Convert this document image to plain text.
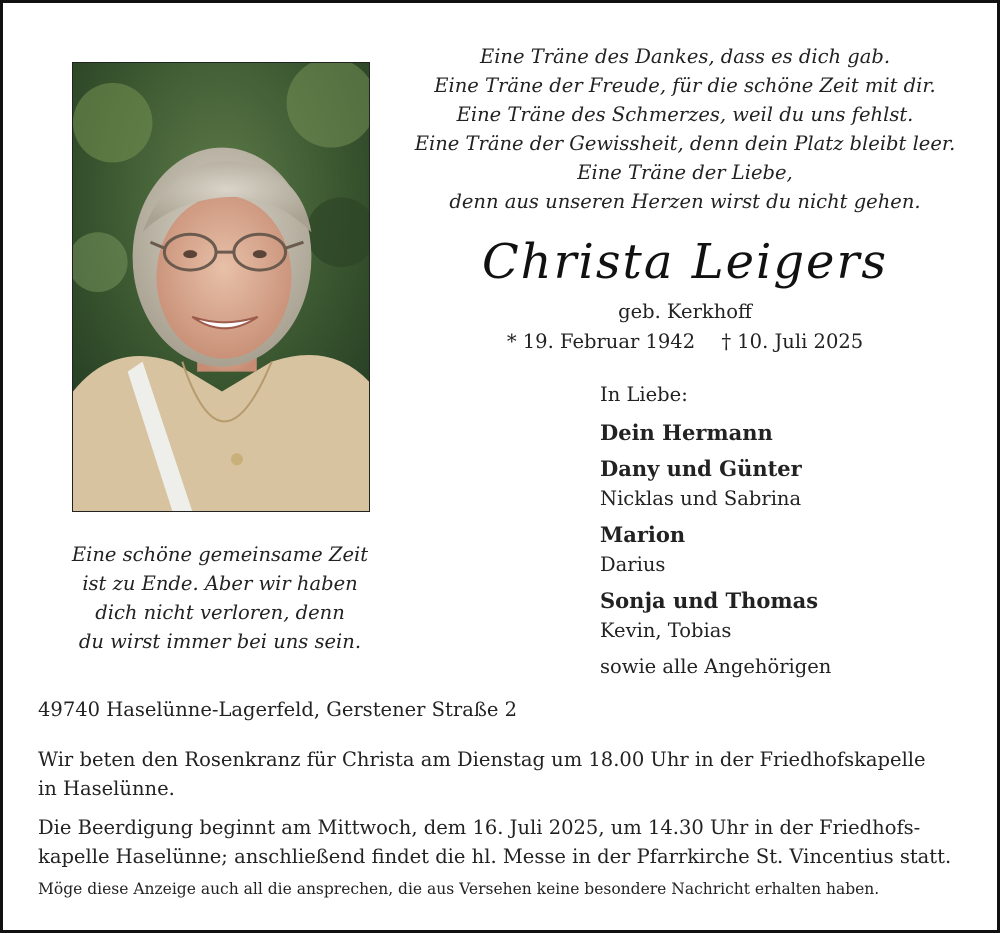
Eine schöne gemeinsame Zeit
ist zu Ende. Aber wir haben
dich nicht verloren, denn
du wirst immer bei uns sein.
Eine Träne des Dankes, dass es dich gab.
Eine Träne der Freude, für die schöne Zeit mit dir.
Eine Träne des Schmerzes, weil du uns fehlst.
Eine Träne der Gewissheit, denn dein Platz bleibt leer.
Eine Träne der Liebe,
denn aus unseren Herzen wirst du nicht gehen.
Christa Leigers
geb. Kerkhoff
* 19. Februar 1942 † 10. Juli 2025
In Liebe:
Dein Hermann
Dany und Günter
Nicklas und Sabrina
Marion
Darius
Sonja und Thomas
Kevin, Tobias
sowie alle Angehörigen
49740 Haselünne-Lagerfeld, Gerstener Straße 2
Wir beten den Rosenkranz für Christa am Dienstag um 18.00 Uhr in der Friedhofskapelle
in Haselünne.
Die Beerdigung beginnt am Mittwoch, dem 16. Juli 2025, um 14.30 Uhr in der Friedhofs-
kapelle Haselünne; anschließend findet die hl. Messe in der Pfarrkirche St. Vincentius statt.
Möge diese Anzeige auch all die ansprechen, die aus Versehen keine besondere Nachricht erhalten haben.
